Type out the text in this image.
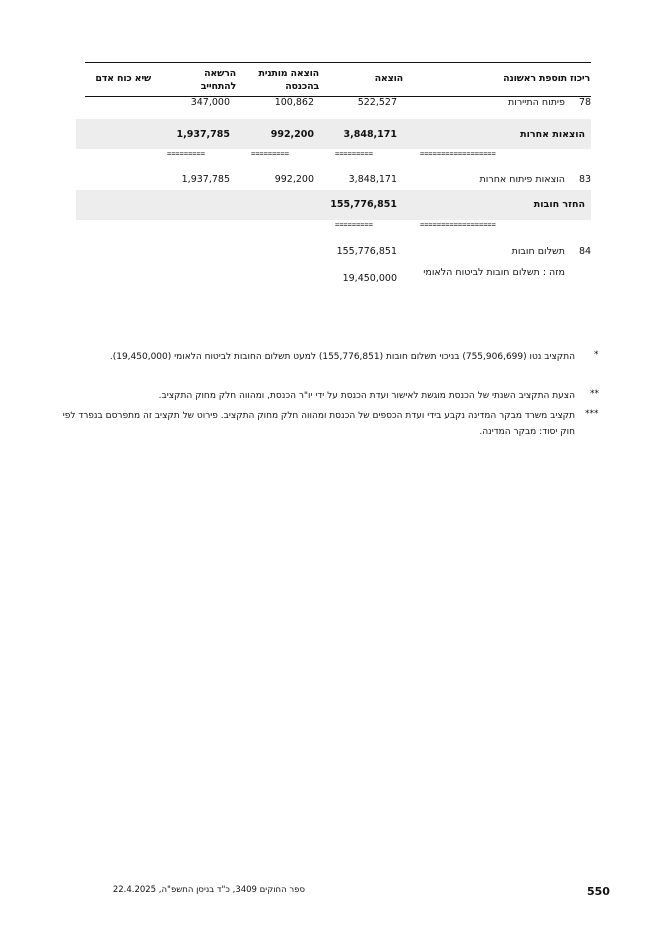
ריכוז תוספת ראשונה
הוצאה
הוצאה מותנית בהכנסה
הרשאה להתחייב
שיא כוח אדם
78
פיתוח התיירות
522,527
100,862
347,000
הוצאות אחרות
3,848,171
992,200
1,937,785
==================
=========
=========
=========
83
הוצאות פיתוח אחרות
3,848,171
992,200
1,937,785
החזר חובות
155,776,851
==================
=========
84
תשלום חובות
155,776,851
מזה : תשלום חובות לביטוח הלאומי
19,450,000
*
התקציב נטו (755,906,699) בניכוי תשלום חובות (155,776,851) למעט תשלום החובות לביטוח הלאומי (19,450,000).
**
הצעת התקציב השנתי של הכנסת מוגשת לאישור ועדת הכנסת על ידי יו"ר הכנסת, ומהווה חלק מחוק התקציב.
***
תקציב משרד מבקר המדינה נקבע בידי ועדת הכספים של הכנסת ומהווה חלק מחוק התקציב. פירוט של תקציב זה מתפרסם בנפרד לפי חוק יסוד: מבקר המדינה.
550
ספר החוקים 3409, כ"ד בניסן התשפ"ה, 22.4.2025
